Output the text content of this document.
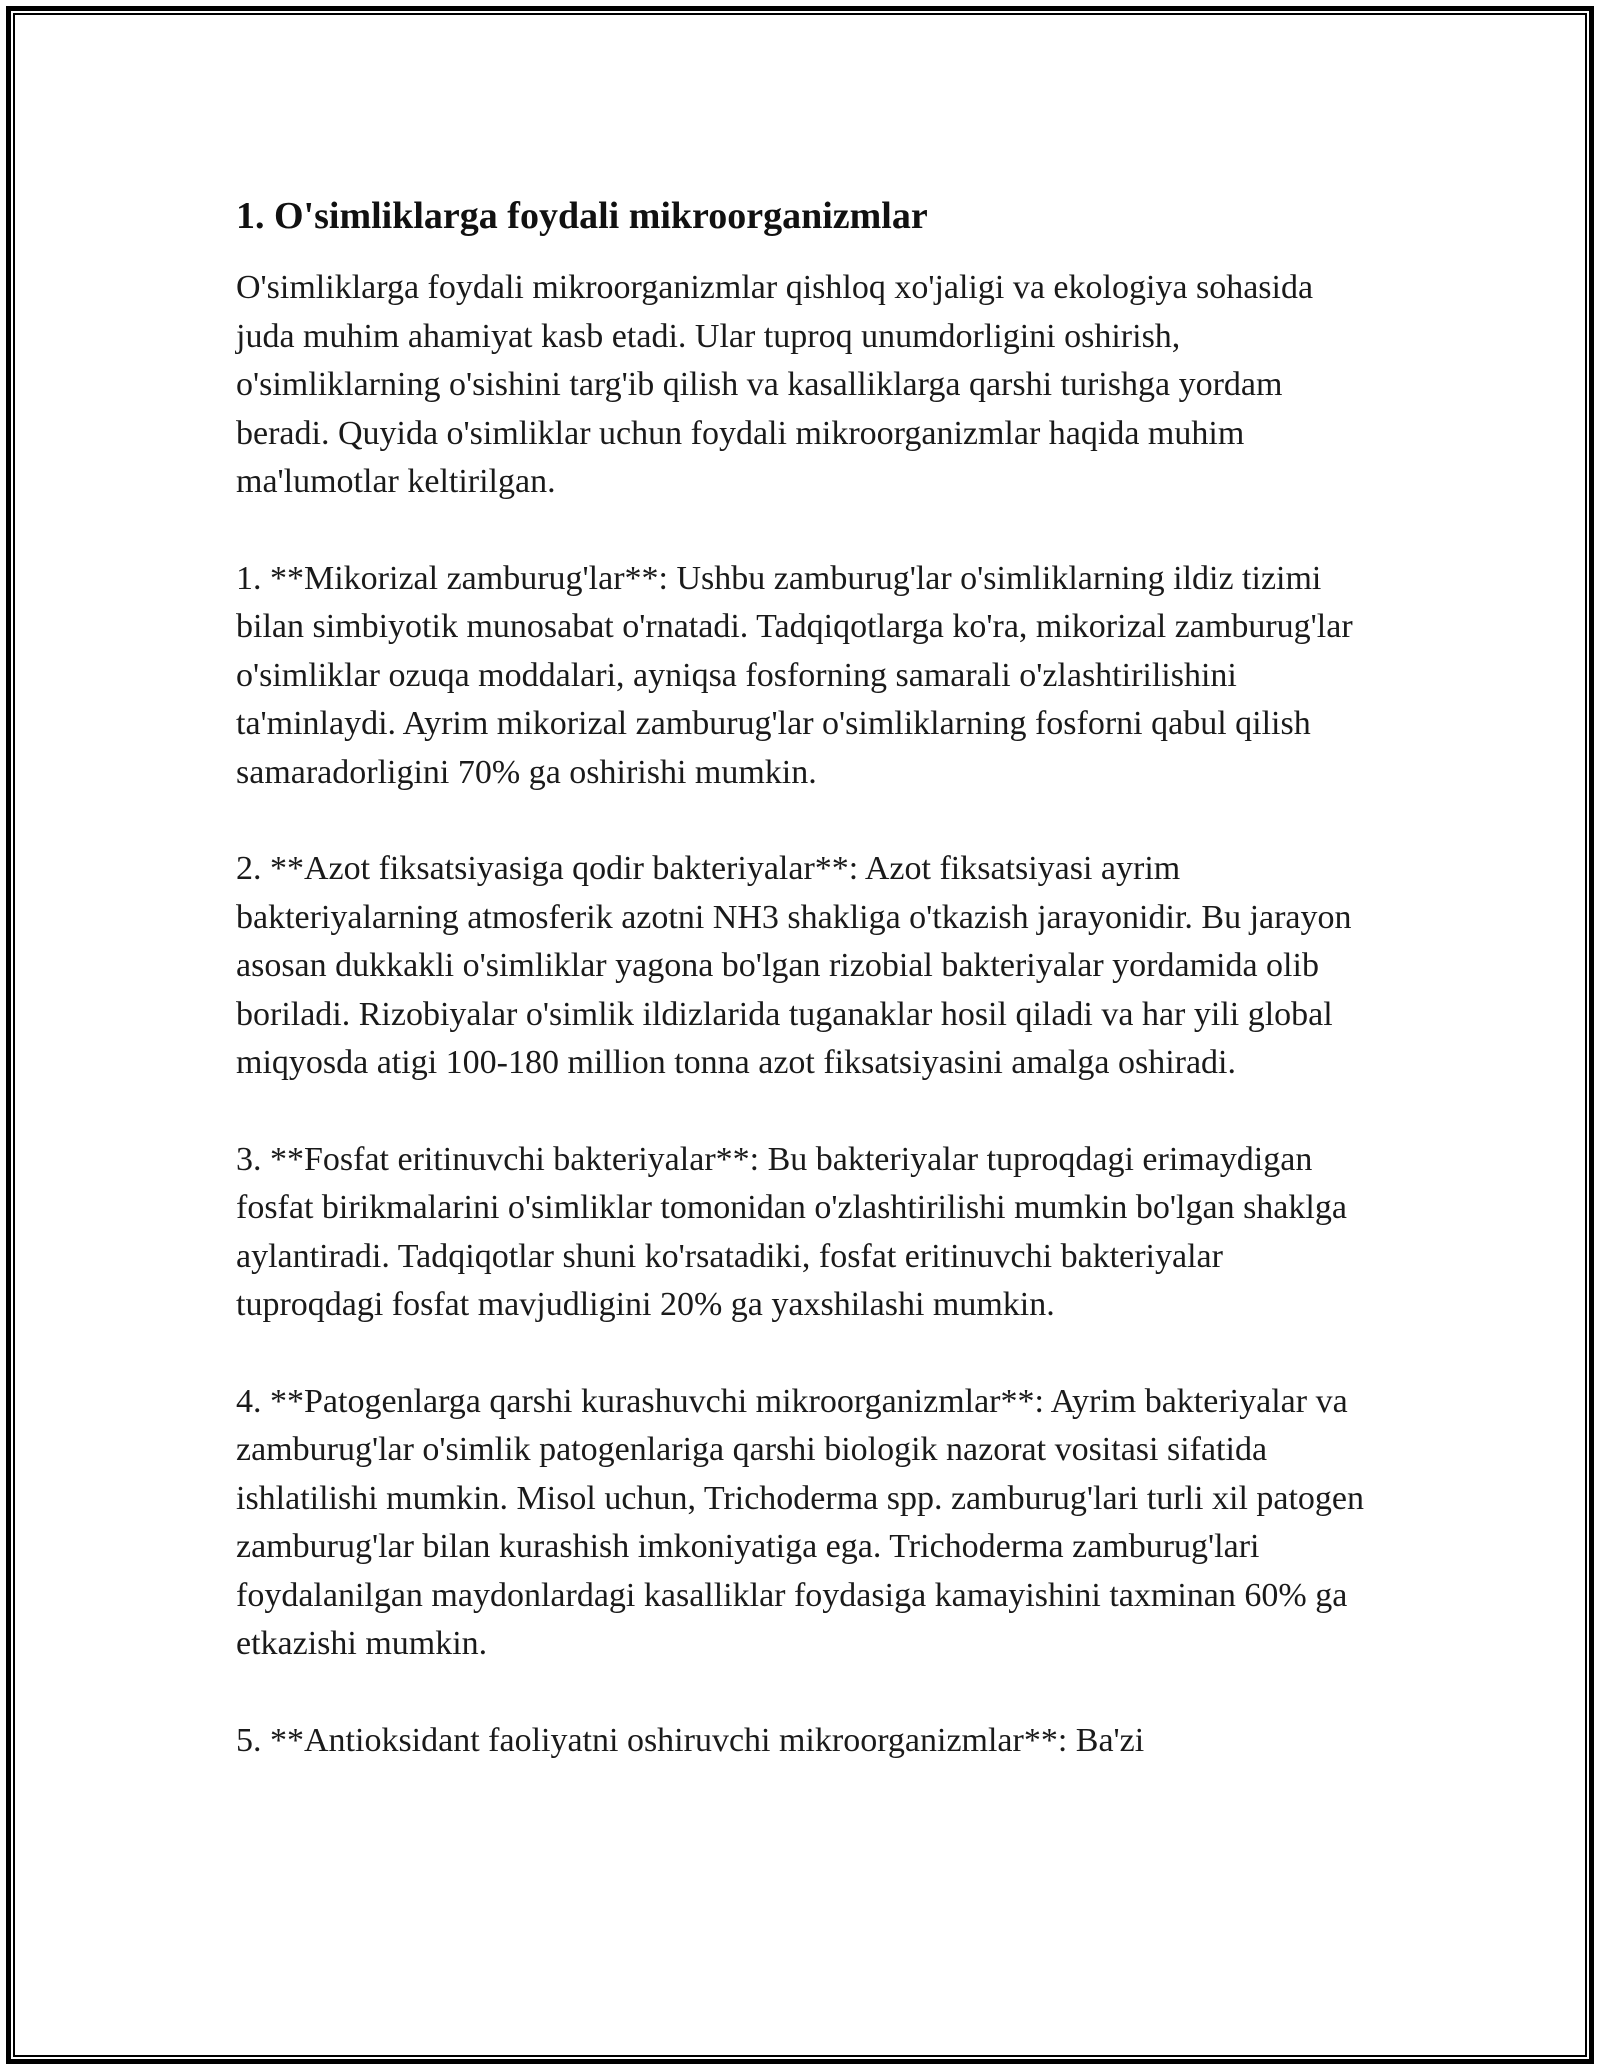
1. O'simliklarga foydali mikroorganizmlar

O'simliklarga foydali mikroorganizmlar qishloq xo'jaligi va ekologiya sohasida juda muhim ahamiyat kasb etadi. Ular tuproq unumdorligini oshirish, o'simliklarning o'sishini targ'ib qilish va kasalliklarga qarshi turishga yordam beradi. Quyida o'simliklar uchun foydali mikroorganizmlar haqida muhim ma'lumotlar keltirilgan.

1. **Mikorizal zamburug'lar**: Ushbu zamburug'lar o'simliklarning ildiz tizimi bilan simbiyotik munosabat o'rnatadi. Tadqiqotlarga ko'ra, mikorizal zamburug'lar o'simliklar ozuqa moddalari, ayniqsa fosforning samarali o'zlashtirilishini ta'minlaydi. Ayrim mikorizal zamburug'lar o'simliklarning fosforni qabul qilish samaradorligini 70% ga oshirishi mumkin.

2. **Azot fiksatsiyasiga qodir bakteriyalar**: Azot fiksatsiyasi ayrim bakteriyalarning atmosferik azotni NH3 shakliga o'tkazish jarayonidir. Bu jarayon asosan dukkakli o'simliklar yagona bo'lgan rizobial bakteriyalar yordamida olib boriladi. Rizobiyalar o'simlik ildizlarida tuganaklar hosil qiladi va har yili global miqyosda atigi 100-180 million tonna azot fiksatsiyasini amalga oshiradi.

3. **Fosfat eritinuvchi bakteriyalar**: Bu bakteriyalar tuproqdagi erimaydigan fosfat birikmalarini o'simliklar tomonidan o'zlashtirilishi mumkin bo'lgan shaklga aylantiradi. Tadqiqotlar shuni ko'rsatadiki, fosfat eritinuvchi bakteriyalar tuproqdagi fosfat mavjudligini 20% ga yaxshilashi mumkin.

4. **Patogenlarga qarshi kurashuvchi mikroorganizmlar**: Ayrim bakteriyalar va zamburug'lar o'simlik patogenlariga qarshi biologik nazorat vositasi sifatida ishlatilishi mumkin. Misol uchun, Trichoderma spp. zamburug'lari turli xil patogen zamburug'lar bilan kurashish imkoniyatiga ega. Trichoderma zamburug'lari foydalanilgan maydonlardagi kasalliklar foydasiga kamayishini taxminan 60% ga etkazishi mumkin.

5. **Antioksidant faoliyatni oshiruvchi mikroorganizmlar**: Ba'zi
